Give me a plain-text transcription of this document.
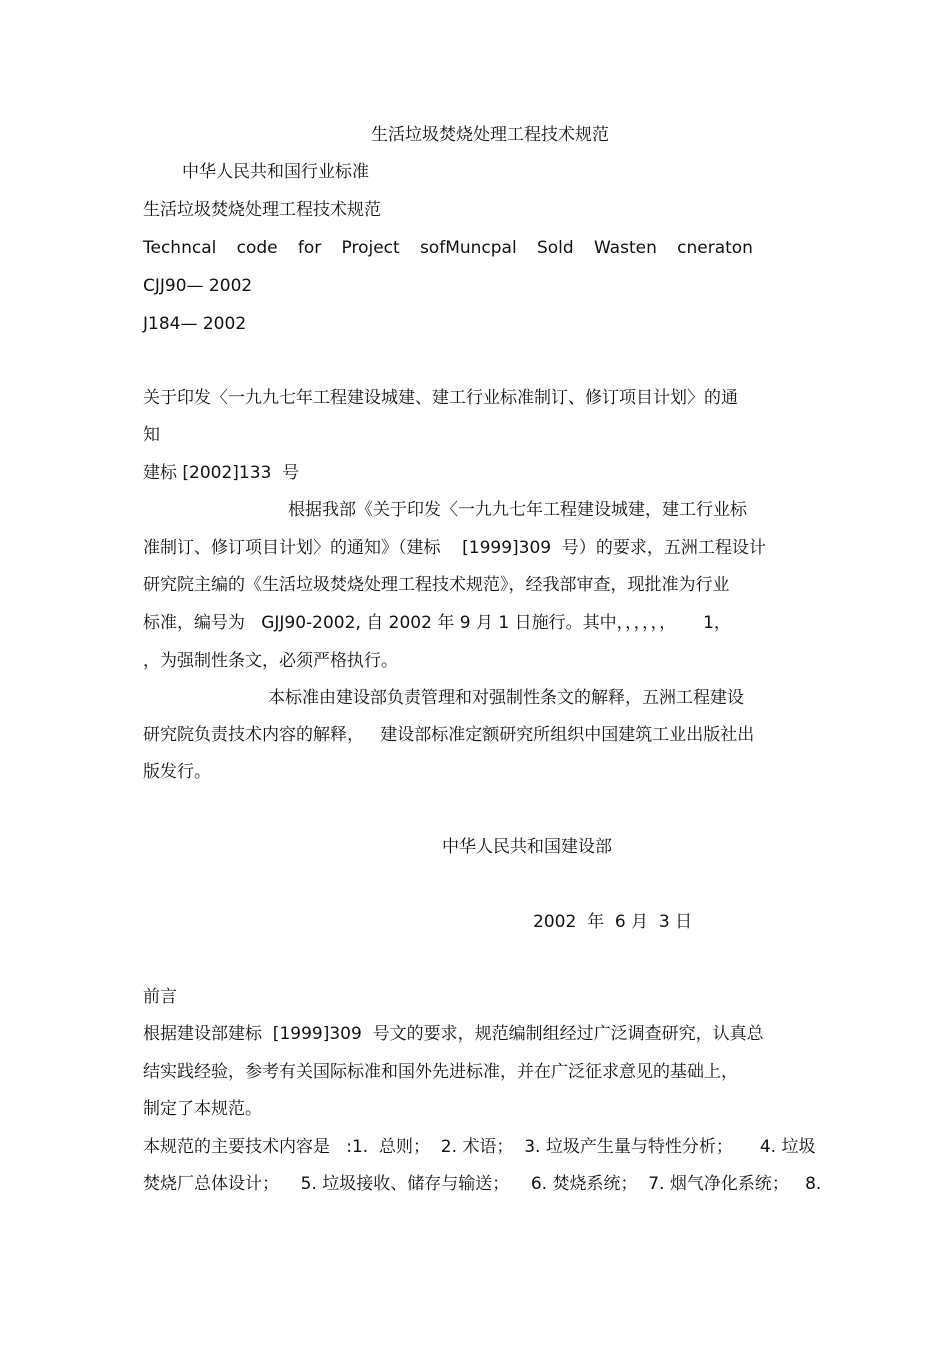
生活垃圾焚烧处理工程技术规范
中华人民共和国行业标准
生活垃圾焚烧处理工程技术规范
Techncal code for Project sofMuncpal Sold Wasten cneraton
CJJ90— 2002
J184— 2002
关于印发〈一九九七年工程建设城建、建工行业标准制订、修订项目计划〉的通
知
建标 [2002]133  号
根据我部《关于印发〈一九九七年工程建设城建，建工行业标
准制订、修订项目计划〉的通知》（建标    [1999]309  号）的要求，五洲工程设计
研究院主编的《生活垃圾焚烧处理工程技术规范》，经我部审查，现批准为行业
标准，编号为   GJJ90-2002, 自 2002 年 9 月 1 日施行。其中，，，，，，     1，
，为强制性条文，必须严格执行。
本标准由建设部负责管理和对强制性条文的解释，五洲工程建设
研究院负责技术内容的解释，   建设部标准定额研究所组织中国建筑工业出版社出
版发行。
中华人民共和国建设部
2002  年  6 月  3 日
前言
根据建设部建标  [1999]309  号文的要求，规范编制组经过广泛调查研究，认真总
结实践经验，参考有关国际标准和国外先进标准，并在广泛征求意见的基础上，
制定了本规范。
本规范的主要技术内容是   :1.  总则；  2. 术语；  3. 垃圾产生量与特性分析；     4. 垃圾
焚烧厂总体设计；    5. 垃圾接收、储存与输送；    6. 焚烧系统；  7. 烟气净化系统；   8.
